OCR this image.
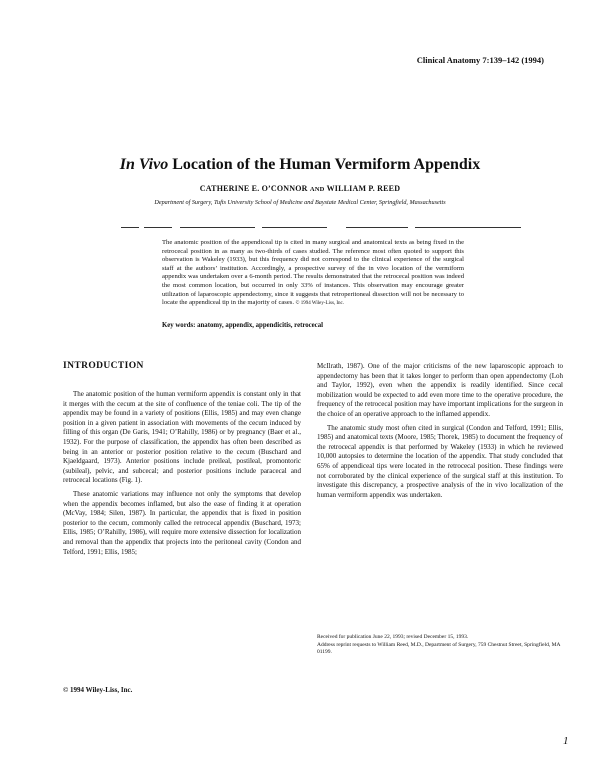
Clinical Anatomy 7:139–142 (1994)
In Vivo Location of the Human Vermiform Appendix
CATHERINE E. O’CONNOR AND WILLIAM P. REED
Department of Surgery, Tufts University School of Medicine and Baystate Medical Center, Springfield, Massachusetts
The anatomic position of the appendiceal tip is cited in many surgical and anatomical texts as being fixed in the retrocecal position in as many as two-thirds of cases studied. The reference most often quoted to support this observation is Wakeley (1933), but this frequency did not correspond to the clinical experience of the surgical staff at the authors’ institution. Accordingly, a prospective survey of the in vivo location of the vermiform appendix was undertaken over a 6-month period. The results demonstrated that the retrocecal position was indeed the most common location, but occurred in only 33% of instances. This observation may encourage greater utilization of laparoscopic appendectomy, since it suggests that retroperitoneal dissection will not be necessary to locate the appendiceal tip in the majority of cases. © 1994 Wiley-Liss, Inc.
Key words: anatomy, appendix, appendicitis, retrocecal
INTRODUCTION

The anatomic position of the human vermiform appendix is constant only in that it merges with the cecum at the site of confluence of the teniae coli. The tip of the appendix may be found in a variety of positions (Ellis, 1985) and may even change position in a given patient in association with movements of the cecum induced by filling of this organ (De Garis, 1941; O’Rahilly, 1986) or by pregnancy (Baer et al., 1932). For the purpose of classification, the appendix has often been described as being in an anterior or posterior position relative to the cecum (Buschard and Kjaeldgaard, 1973). Anterior positions include preileal, postileal, promontoric (subileal), pelvic, and subcecal; and posterior positions include paracecal and retrocecal locations (Fig. 1).

These anatomic variations may influence not only the symptoms that develop when the appendix becomes inflamed, but also the ease of finding it at operation (McVay, 1984; Silen, 1987). In particular, the appendix that is fixed in position posterior to the cecum, commonly called the retrocecal appendix (Buschard, 1973; Ellis, 1985; O’Rahilly, 1986), will require more extensive dissection for localization and removal than the appendix that projects into the peritoneal cavity (Condon and Telford, 1991; Ellis, 1985;

McIlrath, 1987). One of the major criticisms of the new laparoscopic approach to appendectomy has been that it takes longer to perform than open appendectomy (Loh and Taylor, 1992), even when the appendix is readily identified. Since cecal mobilization would be expected to add even more time to the operative procedure, the frequency of the retrocecal position may have important implications for the surgeon in the choice of an operative approach to the inflamed appendix.

The anatomic study most often cited in surgical (Condon and Telford, 1991; Ellis, 1985) and anatomical texts (Moore, 1985; Thorek, 1985) to document the frequency of the retrocecal appendix is that performed by Wakeley (1933) in which he reviewed 10,000 autopsies to determine the location of the appendix. That study concluded that 65% of appendiceal tips were located in the retrocecal position. These findings were not corroborated by the clinical experience of the surgical staff at this institution. To investigate this discrepancy, a prospective analysis of the in vivo localization of the human vermiform appendix was undertaken.

Received for publication June 22, 1993; revised December 15, 1993.

Address reprint requests to William Reed, M.D., Department of Surgery, 759 Chestnut Street, Springfield, MA 01199.

© 1994 Wiley-Liss, Inc.
1
